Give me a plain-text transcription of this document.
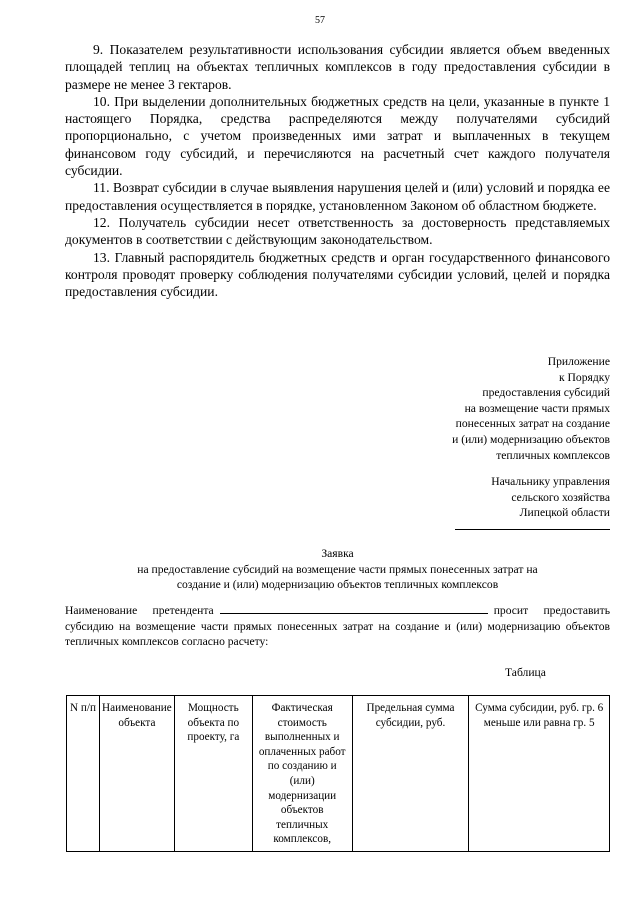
57

9. Показателем результативности использования субсидии является объем введенных площадей теплиц на объектах тепличных комплексов в году предоставления субсидии в размере не менее 3 гектаров.

10. При выделении дополнительных бюджетных средств на цели, указанные в пункте 1 настоящего Порядка, средства распределяются между получателями субсидий пропорционально, с учетом произведенных ими затрат и выплаченных в текущем финансовом году субсидий, и перечисляются на расчетный счет каждого получателя субсидии.

11. Возврат субсидии в случае выявления нарушения целей и (или) условий и порядка ее предоставления осуществляется в порядке, установленном Законом об областном бюджете.

12. Получатель субсидии несет ответственность за достоверность представляемых документов в соответствии с действующим законодательством.

13. Главный распорядитель бюджетных средств и орган государственного финансового контроля проводят проверку соблюдения получателями субсидии условий, целей и порядка предоставления субсидии.

Приложение
к Порядку
предоставления субсидий
на возмещение части прямых
понесенных затрат на создание
и (или) модернизацию объектов
тепличных комплексов
Начальнику управления
сельского хозяйства
Липецкой области
Заявка
на предоставление субсидий на возмещение части прямых понесенных затрат на
создание и (или) модернизацию объектов тепличных комплексов
Наименование претендента	просит предоставить субсидию на возмещение части прямых понесенных затрат на создание и (или) модернизацию объектов тепличных комплексов согласно расчету:
Таблица
N п/п	Наименование объекта	Мощность объекта по проекту, га	Фактическая стоимость выполненных и оплаченных работ по созданию и (или) модернизации объектов тепличных комплексов,	Предельная сумма субсидии, руб.	Сумма субсидии, руб. гр. 6 меньше или равна гр. 5
